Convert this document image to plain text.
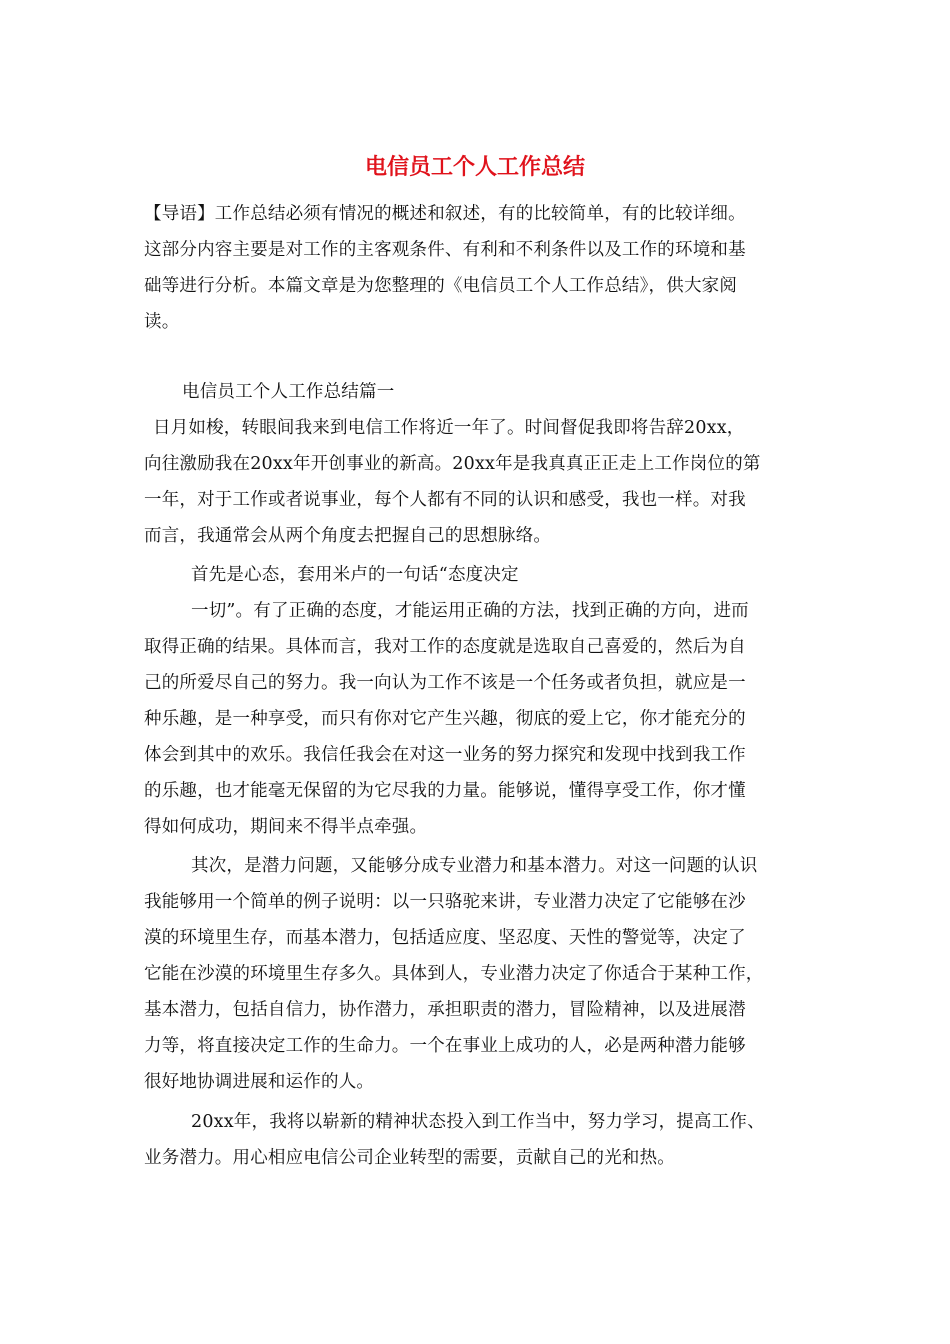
电信员工个人工作总结
【导语】工作总结必须有情况的概述和叙述，有的比较简单，有的比较详细。
这部分内容主要是对工作的主客观条件、有利和不利条件以及工作的环境和基
础等进行分析。本篇文章是为您整理的《电信员工个人工作总结》，供大家阅
读。
电信员工个人工作总结篇一
日月如梭，转眼间我来到电信工作将近一年了。时间督促我即将告辞20xx，
向往激励我在20xx年开创事业的新高。20xx年是我真真正正走上工作岗位的第
一年，对于工作或者说事业，每个人都有不同的认识和感受，我也一样。对我
而言，我通常会从两个角度去把握自己的思想脉络。
首先是心态，套用米卢的一句话“态度决定
一切”。有了正确的态度，才能运用正确的方法，找到正确的方向，进而
取得正确的结果。具体而言，我对工作的态度就是选取自己喜爱的，然后为自
己的所爱尽自己的努力。我一向认为工作不该是一个任务或者负担，就应是一
种乐趣，是一种享受，而只有你对它产生兴趣，彻底的爱上它，你才能充分的
体会到其中的欢乐。我信任我会在对这一业务的努力探究和发现中找到我工作
的乐趣，也才能毫无保留的为它尽我的力量。能够说，懂得享受工作，你才懂
得如何成功，期间来不得半点牵强。
其次，是潜力问题，又能够分成专业潜力和基本潜力。对这一问题的认识
我能够用一个简单的例子说明：以一只骆驼来讲，专业潜力决定了它能够在沙
漠的环境里生存，而基本潜力，包括适应度、坚忍度、天性的警觉等，决定了
它能在沙漠的环境里生存多久。具体到人，专业潜力决定了你适合于某种工作，
基本潜力，包括自信力，协作潜力，承担职责的潜力，冒险精神，以及进展潜
力等，将直接决定工作的生命力。一个在事业上成功的人，必是两种潜力能够
很好地协调进展和运作的人。
20xx年，我将以崭新的精神状态投入到工作当中，努力学习，提高工作、
业务潜力。用心相应电信公司企业转型的需要，贡献自己的光和热。
